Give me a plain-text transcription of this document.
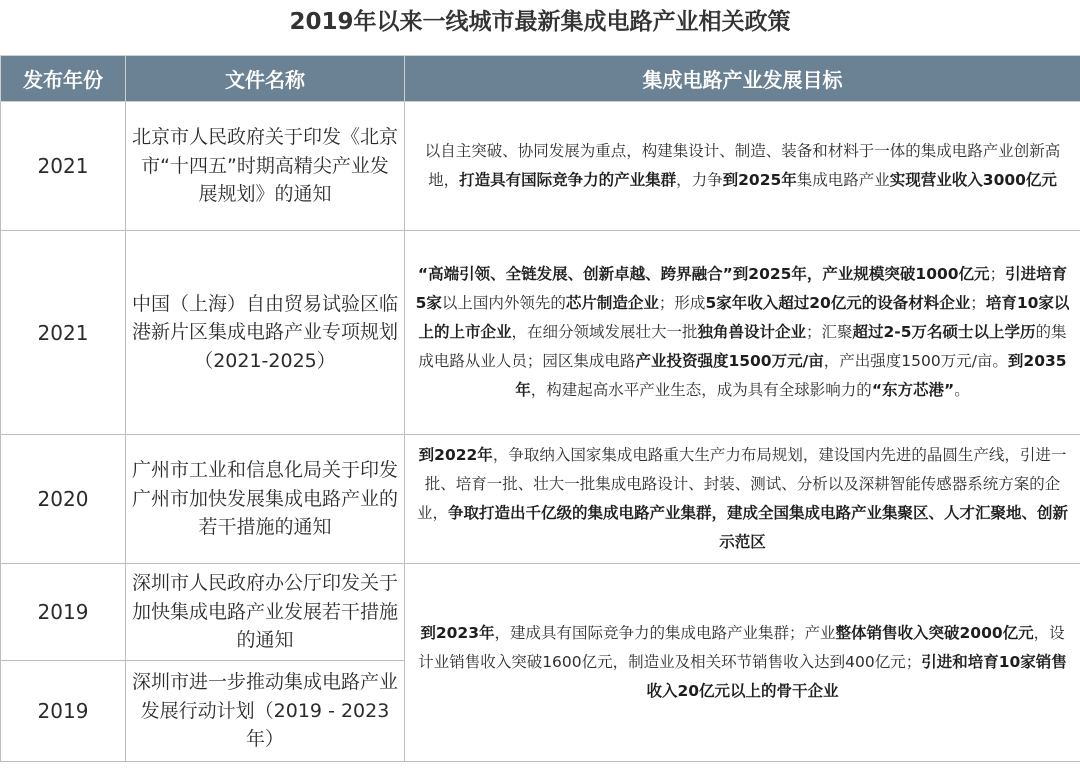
2019年以来一线城市最新集成电路产业相关政策
发布年份	文件名称	集成电路产业发展目标
2021	北京市人民政府关于印发《北京市“十四五”时期高精尖产业发展规划》的通知	以自主突破、协同发展为重点，构建集设计、制造、装备和材料于一体的集成电路产业创新高地，打造具有国际竞争力的产业集群，力争到2025年集成电路产业实现营业收入3000亿元
2021	中国（上海）自由贸易试验区临港新片区集成电路产业专项规划（2021-2025）	“高端引领、全链发展、创新卓越、跨界融合”到2025年，产业规模突破1000亿元；引进培育5家以上国内外领先的芯片制造企业；形成5家年收入超过20亿元的设备材料企业；培育10家以上的上市企业，在细分领域发展壮大一批独角兽设计企业；汇聚超过2-5万名硕士以上学历的集成电路从业人员；园区集成电路产业投资强度1500万元/亩，产出强度1500万元/亩。到2035年，构建起高水平产业生态，成为具有全球影响力的“东方芯港”。
2020	广州市工业和信息化局关于印发广州市加快发展集成电路产业的若干措施的通知	到2022年，争取纳入国家集成电路重大生产力布局规划，建设国内先进的晶圆生产线，引进一批、培育一批、壮大一批集成电路设计、封装、测试、分析以及深耕智能传感器系统方案的企业，争取打造出千亿级的集成电路产业集群，建成全国集成电路产业集聚区、人才汇聚地、创新示范区
2019	深圳市人民政府办公厅印发关于加快集成电路产业发展若干措施的通知	到2023年，建成具有国际竞争力的集成电路产业集群；产业整体销售收入突破2000亿元，设计业销售收入突破1600亿元，制造业及相关环节销售收入达到400亿元；引进和培育10家销售收入20亿元以上的骨干企业
2019	深圳市进一步推动集成电路产业发展行动计划（2019 - 2023年）	
